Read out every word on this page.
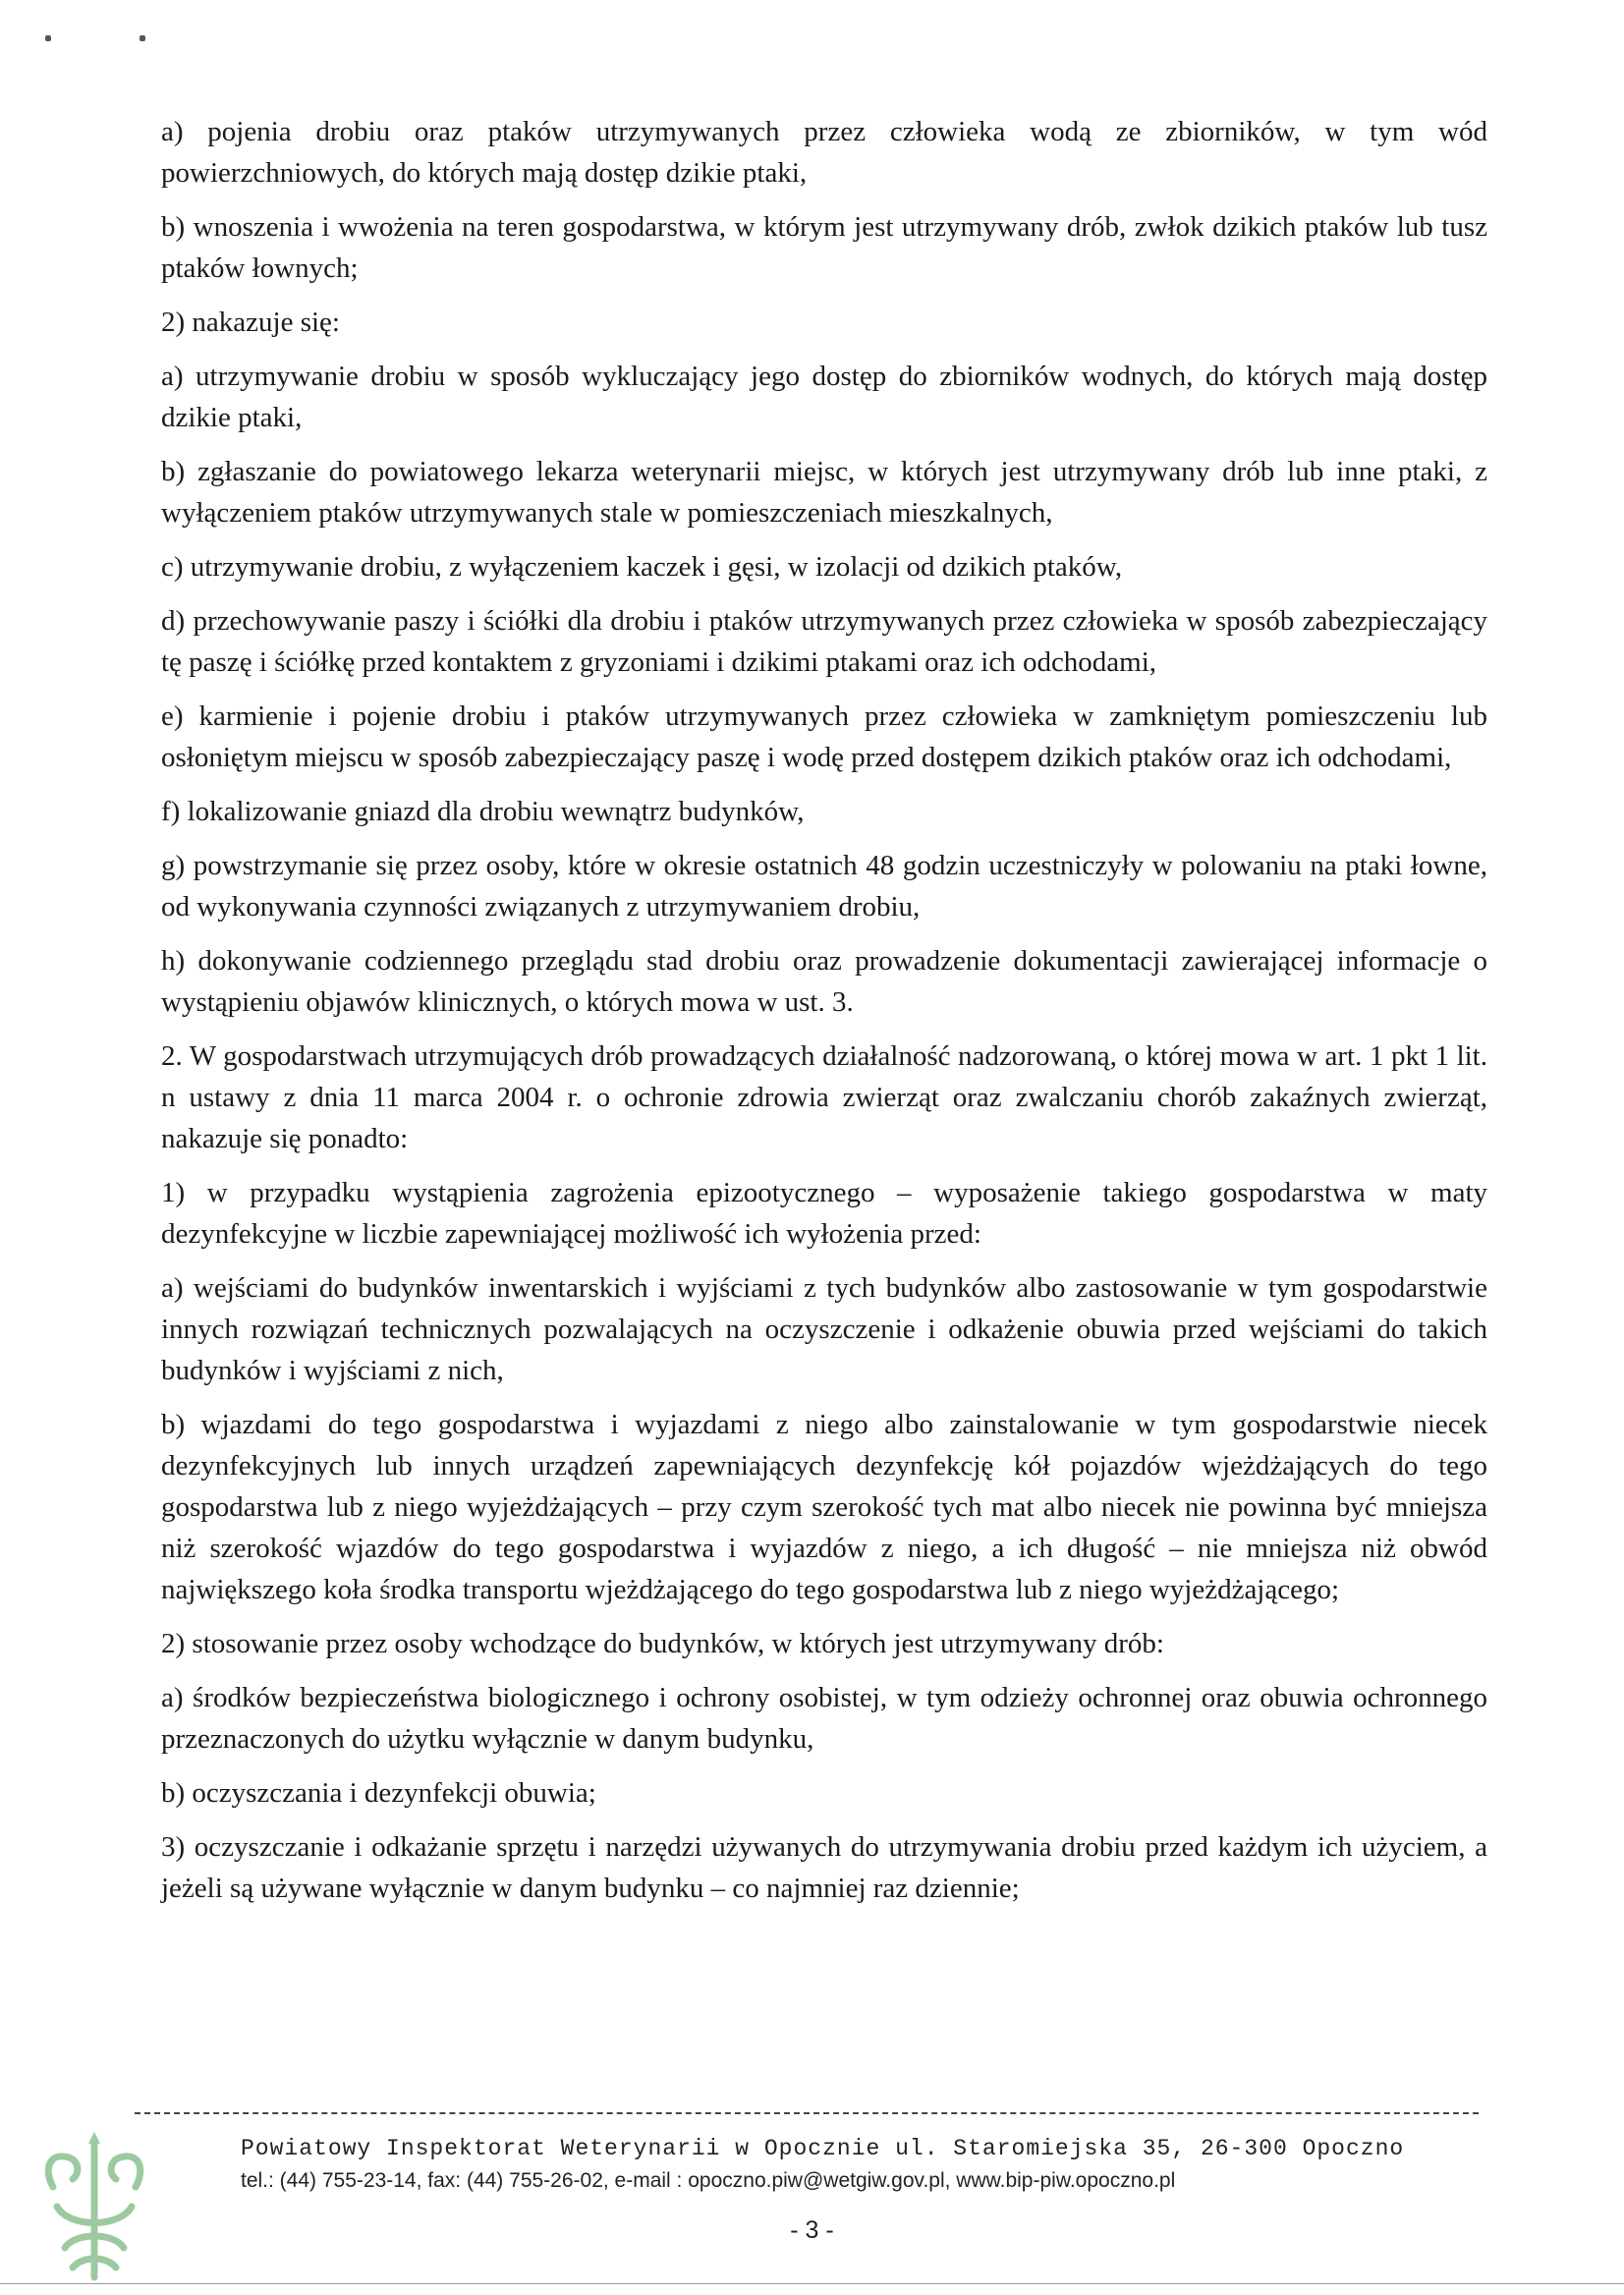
a) pojenia drobiu oraz ptaków utrzymywanych przez człowieka wodą ze zbiorników, w tym wód powierzchniowych, do których mają dostęp dzikie ptaki,

b) wnoszenia i wwożenia na teren gospodarstwa, w którym jest utrzymywany drób, zwłok dzikich ptaków lub tusz ptaków łownych;

2) nakazuje się:

a) utrzymywanie drobiu w sposób wykluczający jego dostęp do zbiorników wodnych, do których mają dostęp dzikie ptaki,

b) zgłaszanie do powiatowego lekarza weterynarii miejsc, w których jest utrzymywany drób lub inne ptaki, z wyłączeniem ptaków utrzymywanych stale w pomieszczeniach mieszkalnych,

c) utrzymywanie drobiu, z wyłączeniem kaczek i gęsi, w izolacji od dzikich ptaków,

d) przechowywanie paszy i ściółki dla drobiu i ptaków utrzymywanych przez człowieka w sposób zabezpieczający tę paszę i ściółkę przed kontaktem z gryzoniami i dzikimi ptakami oraz ich odchodami,

e) karmienie i pojenie drobiu i ptaków utrzymywanych przez człowieka w zamkniętym pomieszczeniu lub osłoniętym miejscu w sposób zabezpieczający paszę i wodę przed dostępem dzikich ptaków oraz ich odchodami,

f) lokalizowanie gniazd dla drobiu wewnątrz budynków,

g) powstrzymanie się przez osoby, które w okresie ostatnich 48 godzin uczestniczyły w polowaniu na ptaki łowne, od wykonywania czynności związanych z utrzymywaniem drobiu,

h) dokonywanie codziennego przeglądu stad drobiu oraz prowadzenie dokumentacji zawierającej informacje o wystąpieniu objawów klinicznych, o których mowa w ust. 3.

2. W gospodarstwach utrzymujących drób prowadzących działalność nadzorowaną, o której mowa w art. 1 pkt 1 lit. n ustawy z dnia 11 marca 2004 r. o ochronie zdrowia zwierząt oraz zwalczaniu chorób zakaźnych zwierząt, nakazuje się ponadto:

1) w przypadku wystąpienia zagrożenia epizootycznego – wyposażenie takiego gospodarstwa w maty dezynfekcyjne w liczbie zapewniającej możliwość ich wyłożenia przed:

a) wejściami do budynków inwentarskich i wyjściami z tych budynków albo zastosowanie w tym gospodarstwie innych rozwiązań technicznych pozwalających na oczyszczenie i odkażenie obuwia przed wejściami do takich budynków i wyjściami z nich,

b) wjazdami do tego gospodarstwa i wyjazdami z niego albo zainstalowanie w tym gospodarstwie niecek dezynfekcyjnych lub innych urządzeń zapewniających dezynfekcję kół pojazdów wjeżdżających do tego gospodarstwa lub z niego wyjeżdżających – przy czym szerokość tych mat albo niecek nie powinna być mniejsza niż szerokość wjazdów do tego gospodarstwa i wyjazdów z niego, a ich długość – nie mniejsza niż obwód największego koła środka transportu wjeżdżającego do tego gospodarstwa lub z niego wyjeżdżającego;

2) stosowanie przez osoby wchodzące do budynków, w których jest utrzymywany drób:

a) środków bezpieczeństwa biologicznego i ochrony osobistej, w tym odzieży ochronnej oraz obuwia ochronnego przeznaczonych do użytku wyłącznie w danym budynku,

b) oczyszczania i dezynfekcji obuwia;

3) oczyszczanie i odkażanie sprzętu i narzędzi używanych do utrzymywania drobiu przed każdym ich użyciem, a jeżeli są używane wyłącznie w danym budynku – co najmniej raz dziennie;

Powiatowy Inspektorat Weterynarii w Opocznie ul. Staromiejska 35, 26-300 Opoczno
tel.: (44) 755-23-14, fax: (44) 755-26-02, e-mail : opoczno.piw@wetgiw.gov.pl, www.bip-piw.opoczno.pl
- 3 -
